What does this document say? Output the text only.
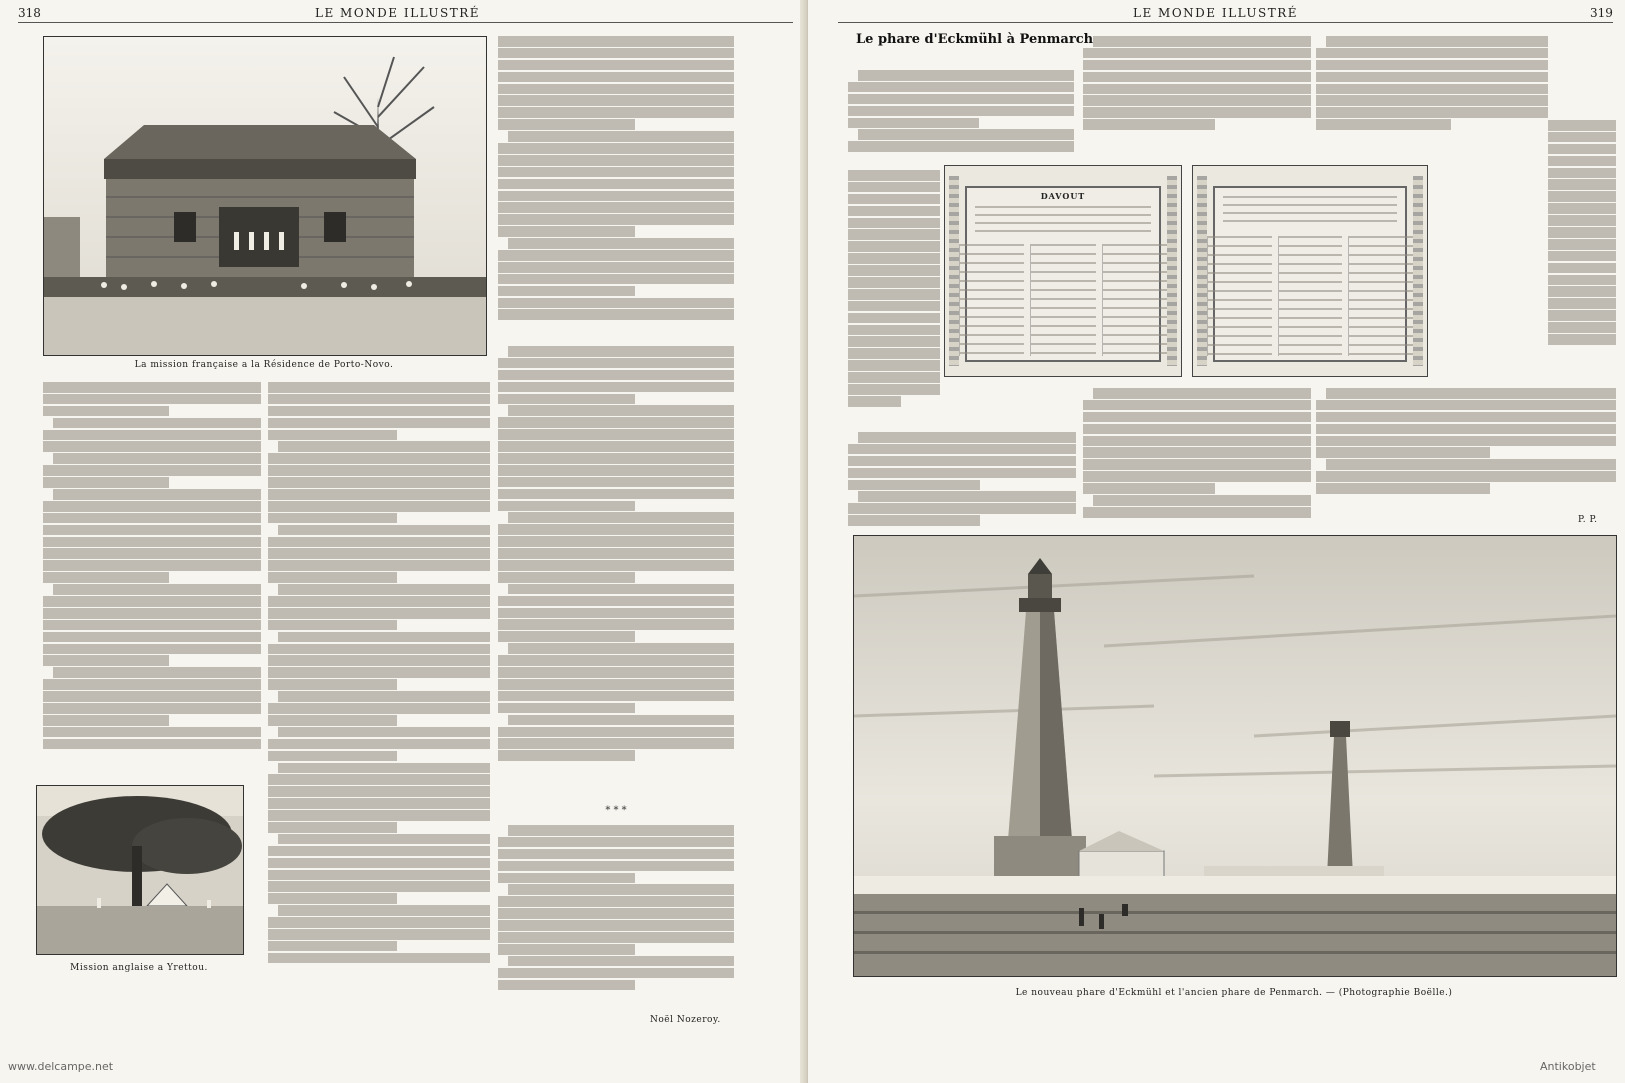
318	LE MONDE ILLUSTRÉ
La mission française a la Résidence de Porto-Novo.
Mission anglaise a Yrettou.
* * *
Noël Nozeroy.
LE MONDE ILLUSTRÉ	319
Le phare d'Eckmühl à Penmarch
DAVOUT
P. P.
Le nouveau phare d'Eckmühl et l'ancien phare de Penmarch. — (Photographie Boëlle.)
www.delcampe.net	Antikobjet
